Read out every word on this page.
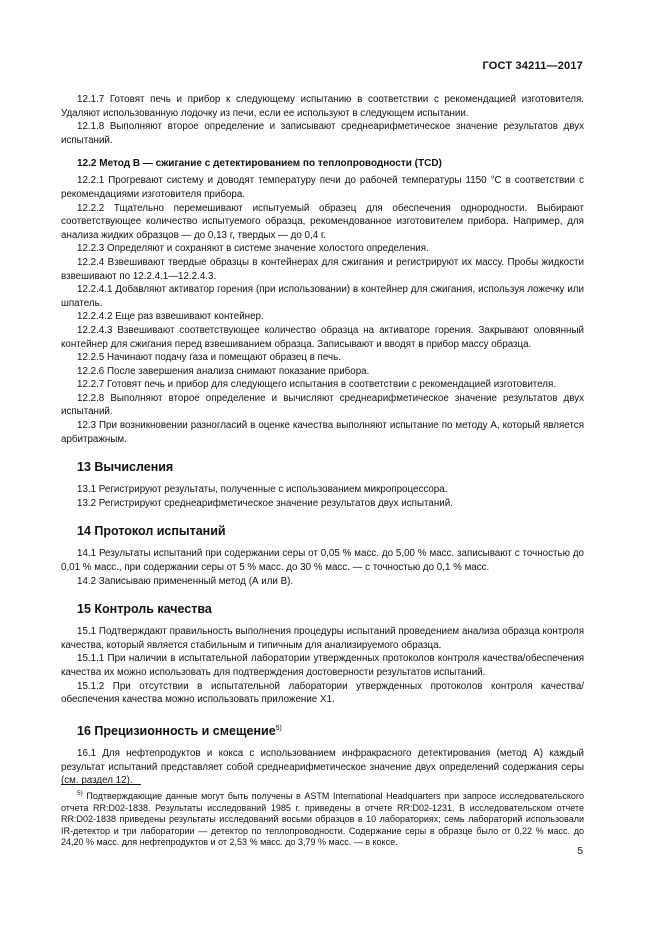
ГОСТ 34211—2017

12.1.7 Готовят печь и прибор к следующему испытанию в соответствии с рекомендацией изготовителя. Удаляют использованную лодочку из печи, если ее используют в следующем испытании.

12.1.8 Выполняют второе определение и записывают среднеарифметическое значение результатов двух испытаний.

12.2 Метод В — сжигание с детектированием по теплопроводности (TCD)

12.2.1 Прогревают систему и доводят температуру печи до рабочей температуры 1150 °С в соответствии с рекомендациями изготовителя прибора.

12.2.2 Тщательно перемешивают испытуемый образец для обеспечения однородности. Выбирают соответствующее количество испытуемого образца, рекомендованное изготовителем прибора. Например, для анализа жидких образцов — до 0,13 г, твердых — до 0,4 г.

12.2.3 Определяют и сохраняют в системе значение холостого определения.

12.2.4 Взвешивают твердые образцы в контейнерах для сжигания и регистрируют их массу. Пробы жидкости взвешивают по 12.2.4.1—12.2.4.3.

12.2.4.1 Добавляют активатор горения (при использовании) в контейнер для сжигания, используя ложечку или шпатель.

12.2.4.2 Еще раз взвешивают контейнер.

12.2.4.3 Взвешивают соответствующее количество образца на активаторе горения. Закрывают оловянный контейнер для сжигания перед взвешиванием образца. Записывают и вводят в прибор массу образца.

12.2.5 Начинают подачу газа и помещают образец в печь.

12.2.6 После завершения анализа снимают показание прибора.

12.2.7 Готовят печь и прибор для следующего испытания в соответствии с рекомендацией изготовителя.

12.2.8 Выполняют второе определение и вычисляют среднеарифметическое значение результатов двух испытаний.

12.3 При возникновении разногласий в оценке качества выполняют испытание по методу А, который является арбитражным.

13 Вычисления

13.1 Регистрируют результаты, полученные с использованием микропроцессора.

13.2 Регистрируют среднеарифметическое значение результатов двух испытаний.

14 Протокол испытаний

14.1 Результаты испытаний при содержании серы от 0,05 % масс. до 5,00 % масс. записывают с точностью до 0,01 % масс., при содержании серы от 5 % масс. до 30 % масс. — с точностью до 0,1 % масс.

14.2 Записываю примененный метод (А или В).

15 Контроль качества

15.1 Подтверждают правильность выполнения процедуры испытаний проведением анализа образца контроля качества, который является стабильным и типичным для анализируемого образца.

15.1.1 При наличии в испытательной лаборатории утвержденных протоколов контроля качества/обеспечения качества их можно использовать для подтверждения достоверности результатов испытаний.

15.1.2 При отсутствии в испытательной лаборатории утвержденных протоколов контроля качества/обеспечения качества можно использовать приложение Х1.

16 Прецизионность и смещение$^{5)}$

16.1 Для нефтепродуктов и кокса с использованием инфракрасного детектирования (метод А) каждый результат испытаний представляет собой среднеарифметическое значение двух определений содержания серы (см. раздел 12).

$^{5)}$ Подтверждающие данные могут быть получены в ASTM International Headquarters при запросе исследовательского отчета RR:D02-1838. Результаты исследований 1985 г. приведены в отчете RR:D02-1231. В исследовательском отчете RR:D02-1838 приведены результаты исследований восьми образцов в 10 лабораториях; семь лабораторий использовали IR-детектор и три лаборатории — детектор по теплопроводности. Содержание серы в образце было от 0,22 % масс. до 24,20 % масс. для нефтепродуктов и от 2,53 % масс. до 3,79 % масс. — в коксе.

5
